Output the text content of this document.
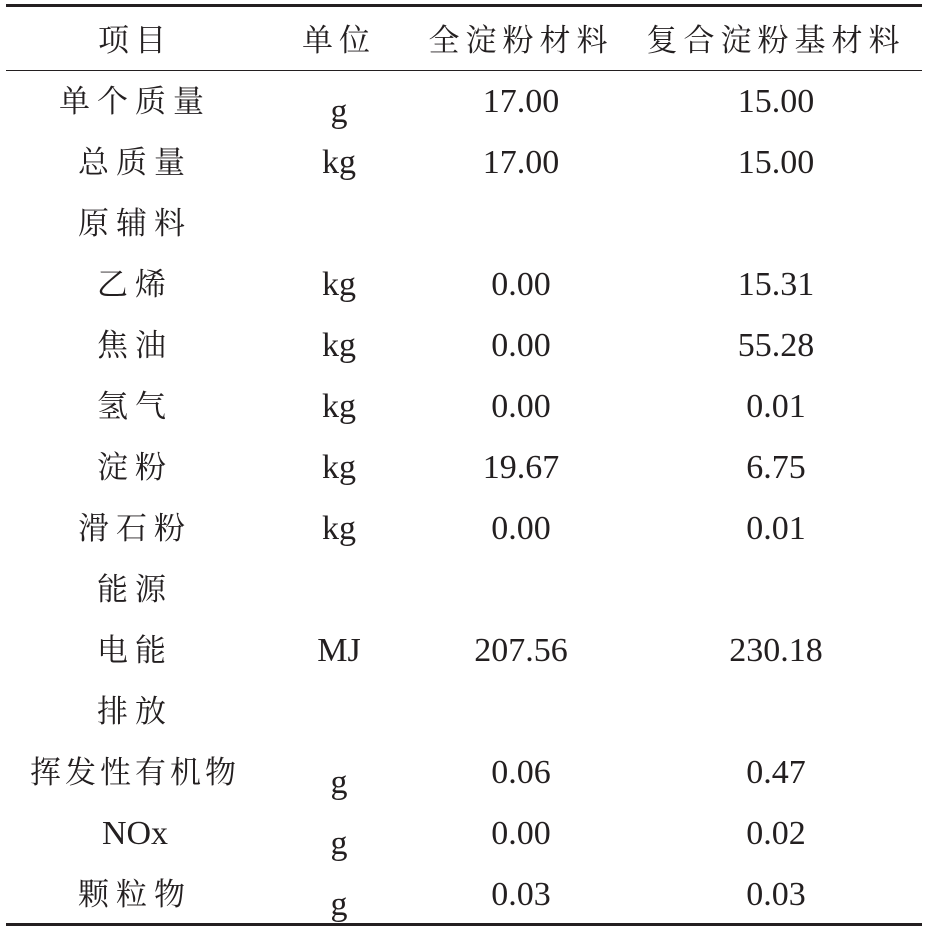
项目	单位	全淀粉材料 复合淀粉基材料
单个质量	g	17.00	15.00
总质量	kg	17.00	15.00
原辅料
乙烯	kg	0.00	15.31
焦油	kg	0.00	55.28
氢气	kg	0.00	0.01
淀粉	kg	19.67	6.75
滑石粉	kg	0.00	0.01
能源
电能	MJ	207.56	230.18
排放
挥发性有机物	g	0.06	0.47
NOx	g	0.00	0.02
颗粒物	g	0.03	0.03
